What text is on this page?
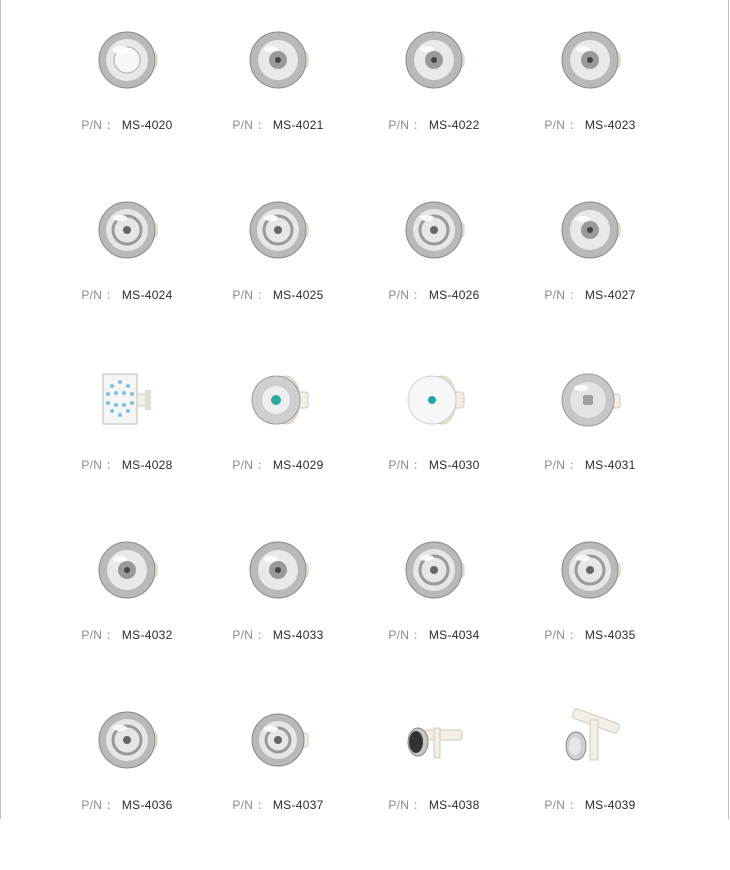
P/N ： MS-4020	P/N ： MS-4021	P/N ： MS-4022	P/N ： MS-4023
P/N ： MS-4024	P/N ： MS-4025	P/N ： MS-4026	P/N ： MS-4027
P/N ： MS-4028	P/N ： MS-4029	P/N ： MS-4030	P/N ： MS-4031
P/N ： MS-4032	P/N ： MS-4033	P/N ： MS-4034	P/N ： MS-4035
P/N ： MS-4036	P/N ： MS-4037	P/N ： MS-4038	P/N ： MS-4039
